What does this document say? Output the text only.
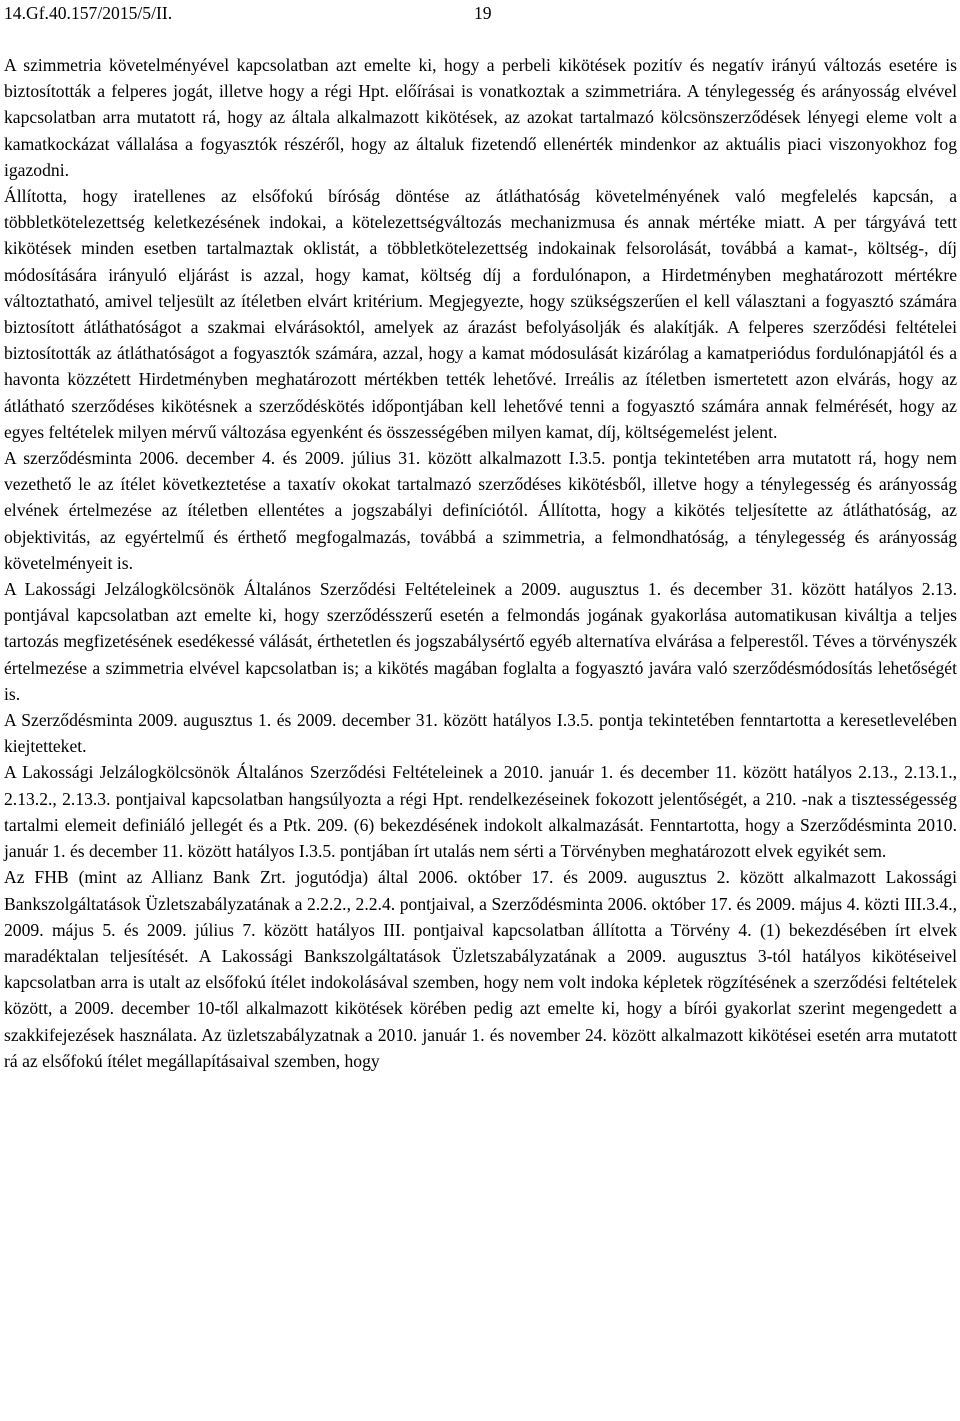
14.Gf.40.157/2015/5/II.	19

A szimmetria követelményével kapcsolatban azt emelte ki, hogy a perbeli kikötések pozitív és negatív irányú változás esetére is biztosították a felperes jogát, illetve hogy a régi Hpt. előírásai is vonatkoztak a szimmetriára. A ténylegesség és arányosság elvével kapcsolatban arra mutatott rá, hogy az általa alkalmazott kikötések, az azokat tartalmazó kölcsönszerződések lényegi eleme volt a kamatkockázat vállalása a fogyasztók részéről, hogy az általuk fizetendő ellenérték mindenkor az aktuális piaci viszonyokhoz fog igazodni.

Állította, hogy iratellenes az elsőfokú bíróság döntése az átláthatóság követelményének való megfelelés kapcsán, a többletkötelezettség keletkezésének indokai, a kötelezettségváltozás mechanizmusa és annak mértéke miatt. A per tárgyává tett kikötések minden esetben tartalmaztak oklistát, a többletkötelezettség indokainak felsorolását, továbbá a kamat-, költség-, díj módosítására irányuló eljárást is azzal, hogy kamat, költség díj a fordulónapon, a Hirdetményben meghatározott mértékre változtatható, amivel teljesült az ítéletben elvárt kritérium. Megjegyezte, hogy szükségszerűen el kell választani a fogyasztó számára biztosított átláthatóságot a szakmai elvárásoktól, amelyek az árazást befolyásolják és alakítják. A felperes szerződési feltételei biztosították az átláthatóságot a fogyasztók számára, azzal, hogy a kamat módosulását kizárólag a kamatperiódus fordulónapjától és a havonta közzétett Hirdetményben meghatározott mértékben tették lehetővé. Irreális az ítéletben ismertetett azon elvárás, hogy az átlátható szerződéses kikötésnek a szerződéskötés időpontjában kell lehetővé tenni a fogyasztó számára annak felmérését, hogy az egyes feltételek milyen mérvű változása egyenként és összességében milyen kamat, díj, költségemelést jelent.

A szerződésminta 2006. december 4. és 2009. július 31. között alkalmazott I.3.5. pontja tekintetében arra mutatott rá, hogy nem vezethető le az ítélet következtetése a taxatív okokat tartalmazó szerződéses kikötésből, illetve hogy a ténylegesség és arányosság elvének értelmezése az ítéletben ellentétes a jogszabályi definíciótól. Állította, hogy a kikötés teljesítette az átláthatóság, az objektivitás, az egyértelmű és érthető megfogalmazás, továbbá a szimmetria, a felmondhatóság, a ténylegesség és arányosság követelményeit is.

A Lakossági Jelzálogkölcsönök Általános Szerződési Feltételeinek a 2009. augusztus 1. és december 31. között hatályos 2.13. pontjával kapcsolatban azt emelte ki, hogy szerződésszerű esetén a felmondás jogának gyakorlása automatikusan kiváltja a teljes tartozás megfizetésének esedékessé válását, érthetetlen és jogszabálysértő egyéb alternatíva elvárása a felperestől. Téves a törvényszék értelmezése a szimmetria elvével kapcsolatban is; a kikötés magában foglalta a fogyasztó javára való szerződésmódosítás lehetőségét is.

A Szerződésminta 2009. augusztus 1. és 2009. december 31. között hatályos I.3.5. pontja tekintetében fenntartotta a keresetlevelében kiejtetteket.

A Lakossági Jelzálogkölcsönök Általános Szerződési Feltételeinek a 2010. január 1. és december 11. között hatályos 2.13., 2.13.1., 2.13.2., 2.13.3. pontjaival kapcsolatban hangsúlyozta a régi Hpt. rendelkezéseinek fokozott jelentőségét, a 210. -nak a tisztességesség tartalmi elemeit definiáló jellegét és a Ptk. 209. (6) bekezdésének indokolt alkalmazását. Fenntartotta, hogy a Szerződésminta 2010. január 1. és december 11. között hatályos I.3.5. pontjában írt utalás nem sérti a Törvényben meghatározott elvek egyikét sem.

Az FHB (mint az Allianz Bank Zrt. jogutódja) által 2006. október 17. és 2009. augusztus 2. között alkalmazott Lakossági Bankszolgáltatások Üzletszabályzatának a 2.2.2., 2.2.4. pontjaival, a Szerződésminta 2006. október 17. és 2009. május 4. közti III.3.4., 2009. május 5. és 2009. július 7. között hatályos III. pontjaival kapcsolatban állította a Törvény 4. (1) bekezdésében írt elvek maradéktalan teljesítését. A Lakossági Bankszolgáltatások Üzletszabályzatának a 2009. augusztus 3-tól hatályos kikötéseivel kapcsolatban arra is utalt az elsőfokú ítélet indokolásával szemben, hogy nem volt indoka képletek rögzítésének a szerződési feltételek között, a 2009. december 10-től alkalmazott kikötések körében pedig azt emelte ki, hogy a bírói gyakorlat szerint megengedett a szakkifejezések használata. Az üzletszabályzatnak a 2010. január 1. és november 24. között alkalmazott kikötései esetén arra mutatott rá az elsőfokú ítélet megállapításaival szemben, hogy
